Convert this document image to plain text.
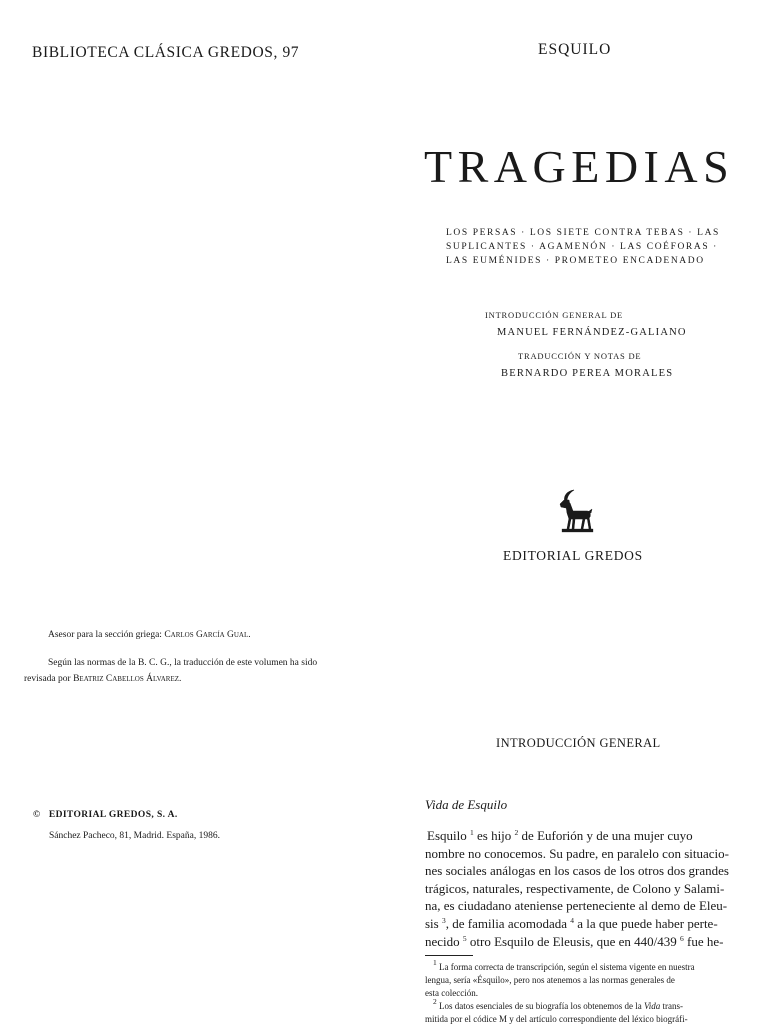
BIBLIOTECA CLÁSICA GREDOS, 97	ESQUILO
TRAGEDIAS
LOS PERSAS · LOS SIETE CONTRA TEBAS · LAS
SUPLICANTES · AGAMENÓN · LAS COÉFORAS ·
LAS EUMÉNIDES · PROMETEO ENCADENADO
INTRODUCCIÓN GENERAL DE
MANUEL FERNÁNDEZ-GALIANO
TRADUCCIÓN Y NOTAS DE
BERNARDO PEREA MORALES
EDITORIAL GREDOS
Asesor para la sección griega: Carlos García Gual.

Según las normas de la B. C. G., la traducción de este volumen ha sido revisada por Beatriz Cabellos Álvarez.

© EDITORIAL GREDOS, S. A.
Sánchez Pacheco, 81, Madrid. España, 1986.
INTRODUCCIÓN GENERAL
Vida de Esquilo
Esquilo $^1$ es hijo $^2$ de Euforión y de una mujer cuyo
nombre no conocemos. Su padre, en paralelo con situacio-
nes sociales análogas en los casos de los otros dos grandes
trágicos, naturales, respectivamente, de Colono y Salami-
na, es ciudadano ateniense perteneciente al demo de Eleu-
sis $^3$, de familia acomodada $^4$ a la que puede haber perte-
necido $^5$ otro Esquilo de Eleusis, que en 440/439 $^6$ fue he-
$^1$ La forma correcta de transcripción, según el sistema vigente en nuestra
lengua, sería «Ésquilo», pero nos atenemos a las normas generales de
esta colección.
$^2$ Los datos esenciales de su biografía los obtenemos de la Vida trans-
mitida por el códice M y del artículo correspondiente del léxico biográfi-
